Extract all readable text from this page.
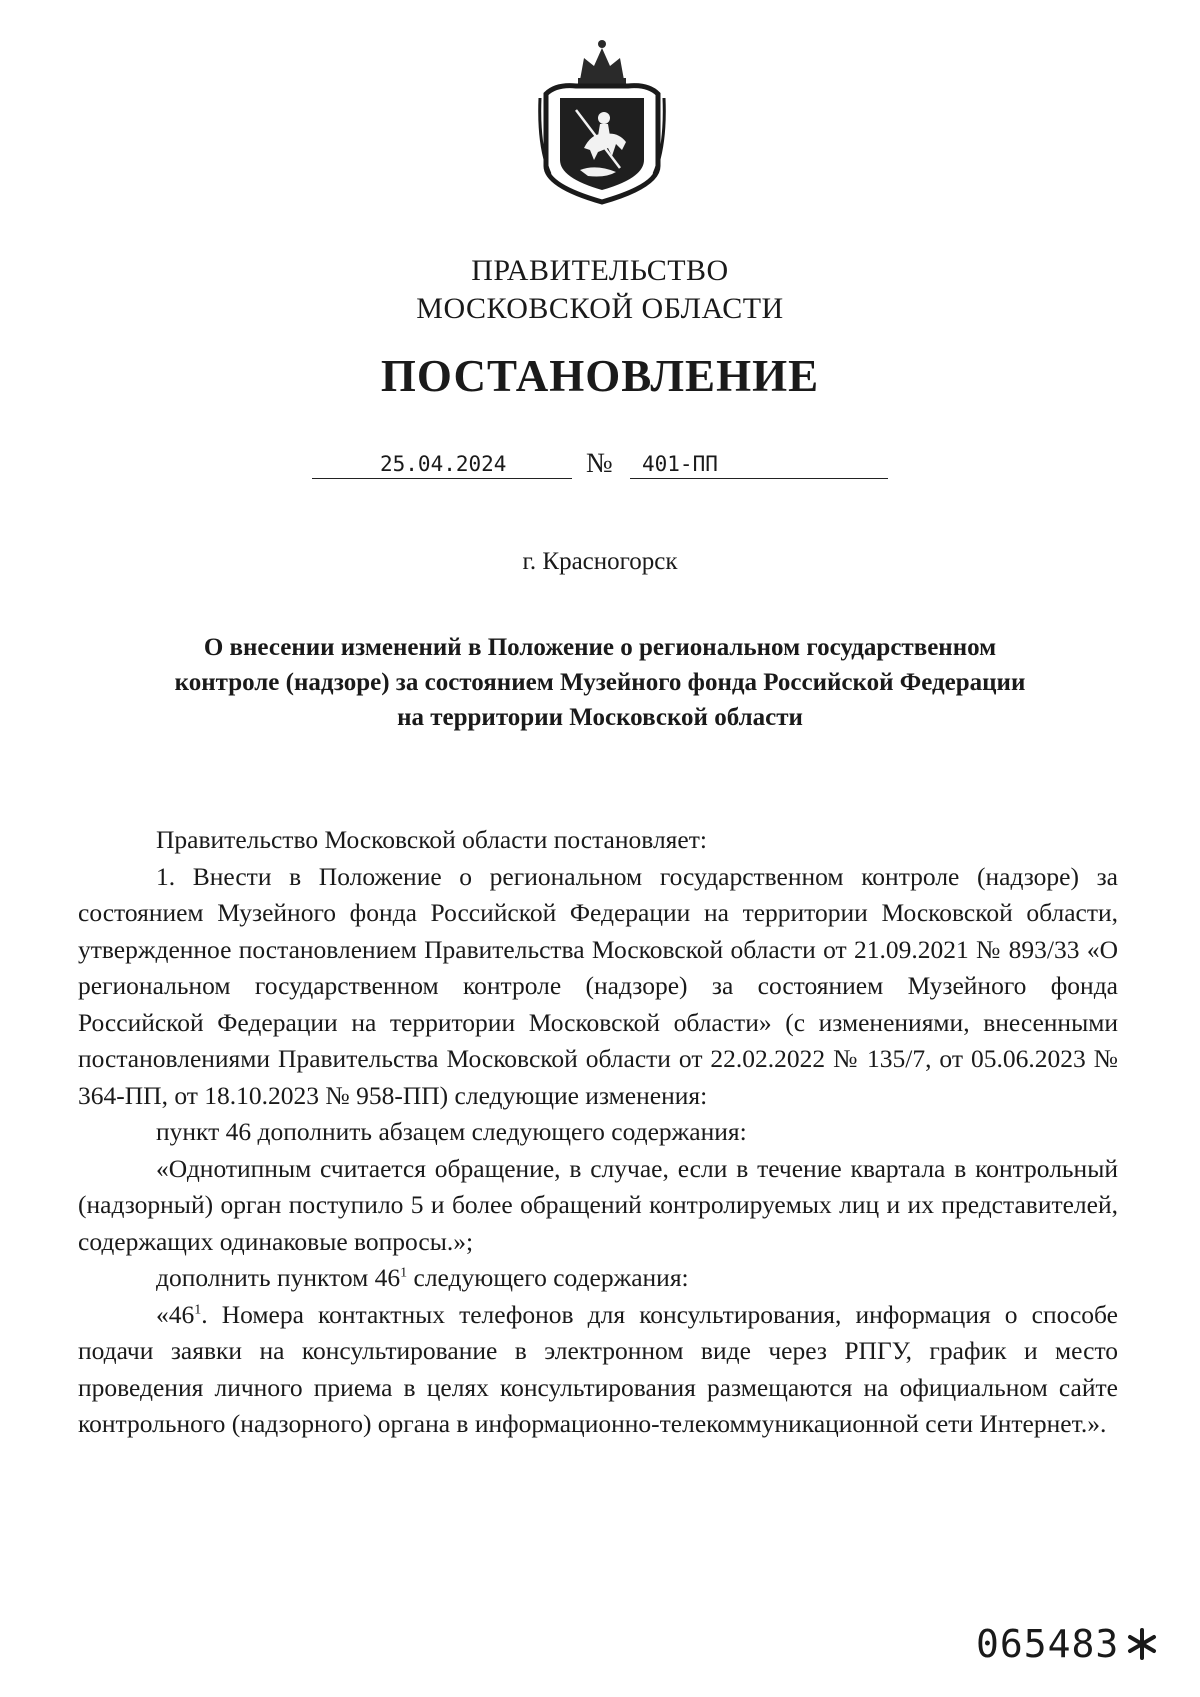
ПРАВИТЕЛЬСТВО
МОСКОВСКОЙ ОБЛАСТИ
ПОСТАНОВЛЕНИЕ
25.04.2024	№ 401-ПП
г. Красногорск
О внесении изменений в Положение о региональном государственном
контроле (надзоре) за состоянием Музейного фонда Российской Федерации
на территории Московской области

Правительство Московской области постановляет:

1. Внести в Положение о региональном государственном контроле (надзоре) за состоянием Музейного фонда Российской Федерации на территории Московской области, утвержденное постановлением Правительства Московской области от 21.09.2021 № 893/33 «О региональном государственном контроле (надзоре) за состоянием Музейного фонда Российской Федерации на территории Московской области» (с изменениями, внесенными постановлениями Правительства Московской области от 22.02.2022 № 135/7, от 05.06.2023 № 364-ПП, от 18.10.2023 № 958-ПП) следующие изменения:

пункт 46 дополнить абзацем следующего содержания:

«Однотипным считается обращение, в случае, если в течение квартала в контрольный (надзорный) орган поступило 5 и более обращений контролируемых лиц и их представителей, содержащих одинаковые вопросы.»;

дополнить пунктом $46^1$ следующего содержания:

«$46^1$. Номера контактных телефонов для консультирования, информация о способе подачи заявки на консультирование в электронном виде через РПГУ, график и место проведения личного приема в целях консультирования размещаются на официальном сайте контрольного (надзорного) органа в информационно-телекоммуникационной сети Интернет.».

065483
